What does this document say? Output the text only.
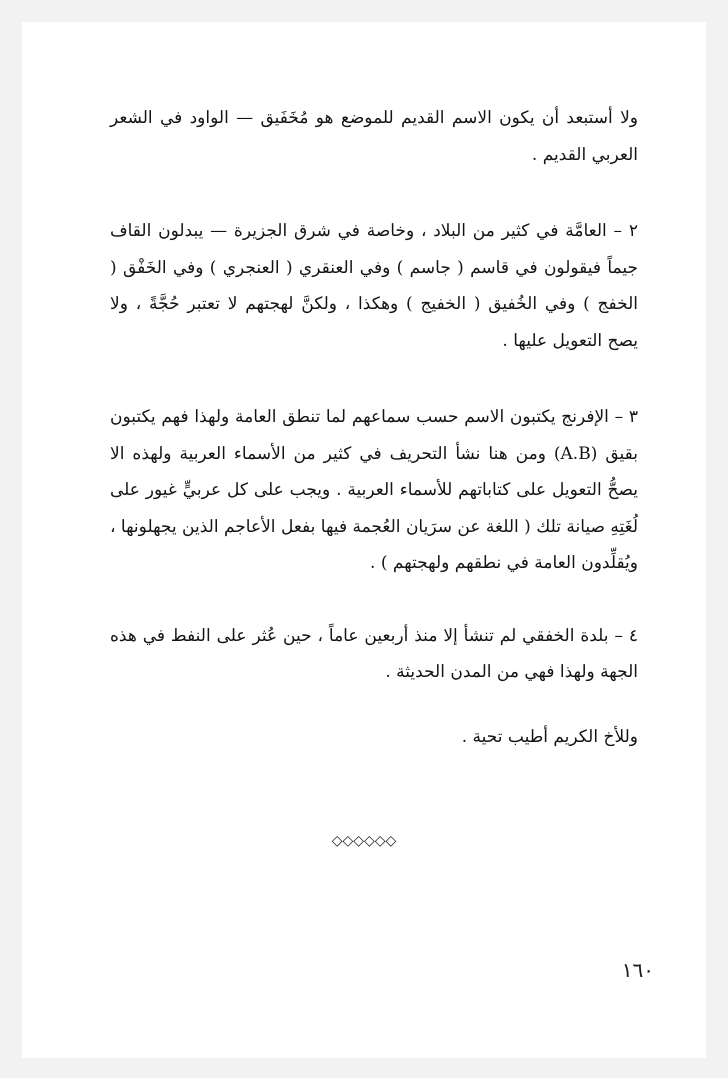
ولا أستبعد أن يكون الاسم القديم للموضع هو مُخَفَيق — الواود في الشعر العربي القديم .

٢ – العامَّة في كثير من البلاد ، وخاصة في شرق الجزيرة — يبدلون القاف جيماً فيقولون في قاسم ( جاسم ) وفي العنقري ( العنجري ) وفي الخَفْق ( الخفج ) وفي الخُفيق ( الخفيج ) وهكذا ، ولكنَّ لهجتهم لا تعتبر حُجَّةً ، ولا يصح التعويل عليها .

٣ – الإفرنج يكتبون الاسم حسب سماعهم لما تنطق العامة ولهذا فهم يكتبون بقيق (A.B) ومن هنا نشأ التحريف في كثير من الأسماء العربية ولهذه الا يصحُّ التعويل على كتاباتهم للأسماء العربية . ويجب على كل عربيٍّ غيور على لُغَتِهِ صيانة تلك ( اللغة عن سرَيان العُجمة فيها بفعل الأعاجم الذين يجهلونها ، ويُقلِّدون العامة في نطقهم ولهجتهم ) .

٤ – بلدة الخفقي لم تنشأ إلا منذ أربعين عاماً ، حين عُثر على النفط في هذه الجهة ولهذا فهي من المدن الحديثة .

وللأخ الكريم أطيب تحية .

◇◇◇◇◇◇
١٦٠
